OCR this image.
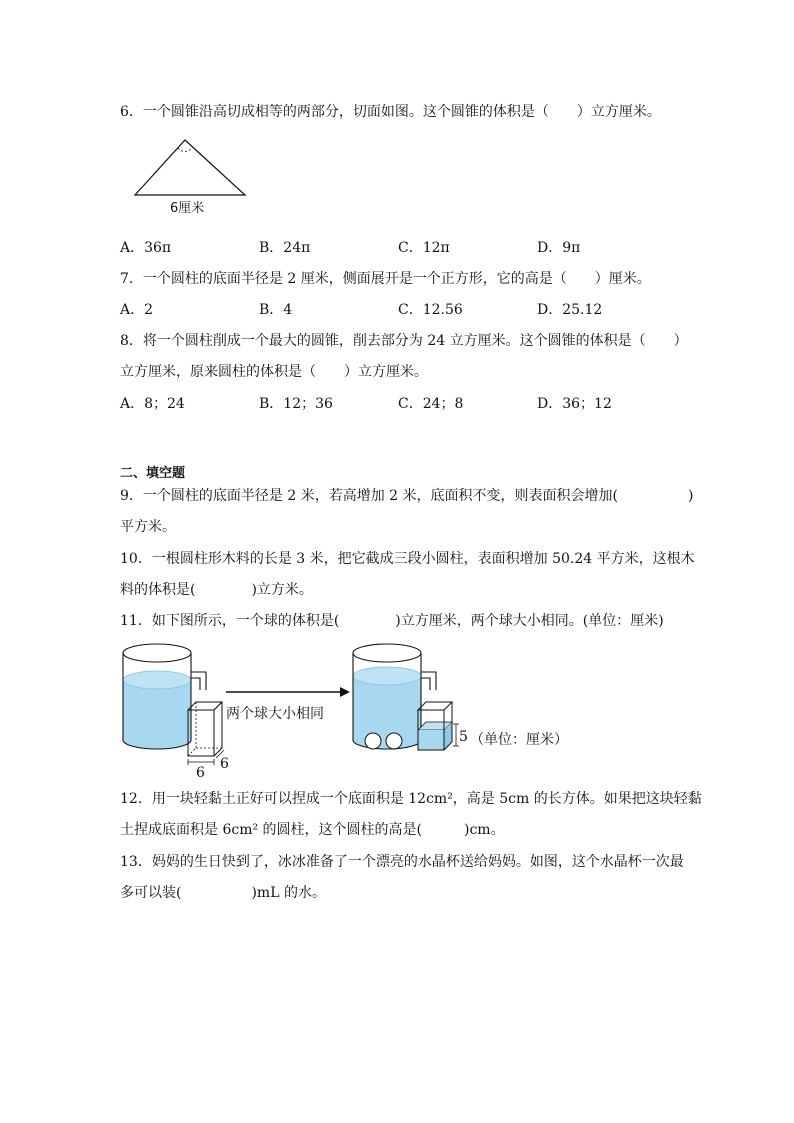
6．一个圆锥沿高切成相等的两部分，切面如图。这个圆锥的体积是（　　）立方厘米。
6厘米
A．36π	B．24π	C．12π	D．9π
7．一个圆柱的底面半径是 2 厘米，侧面展开是一个正方形，它的高是（　　）厘米。
A．2	B．4	C．12.56	D．25.12
8．将一个圆柱削成一个最大的圆锥，削去部分为 24 立方厘米。这个圆锥的体积是（　　）
立方厘米，原来圆柱的体积是（　　）立方厘米。
A．8；24	B．12；36	C．24；8	D．36；12
二、填空题
9．一个圆柱的底面半径是 2 米，若高增加 2 米，底面积不变，则表面积会增加(　　　　　)
平方米。
10．一根圆柱形木料的长是 3 米，把它截成三段小圆柱，表面积增加 50.24 平方米，这根木
料的体积是(　　　　)立方米。
11．如下图所示，一个球的体积是(　　　　)立方厘米，两个球大小相同。(单位：厘米)
6
6
两个球大小相同
5 （单位：厘米）
12．用一块轻黏土正好可以捏成一个底面积是 12cm²，高是 5cm 的长方体。如果把这块轻黏
土捏成底面积是 6cm² 的圆柱，这个圆柱的高是(　　　)cm。
13．妈妈的生日快到了，冰冰准备了一个漂亮的水晶杯送给妈妈。如图，这个水晶杯一次最
多可以装(　　　　　)mL 的水。
